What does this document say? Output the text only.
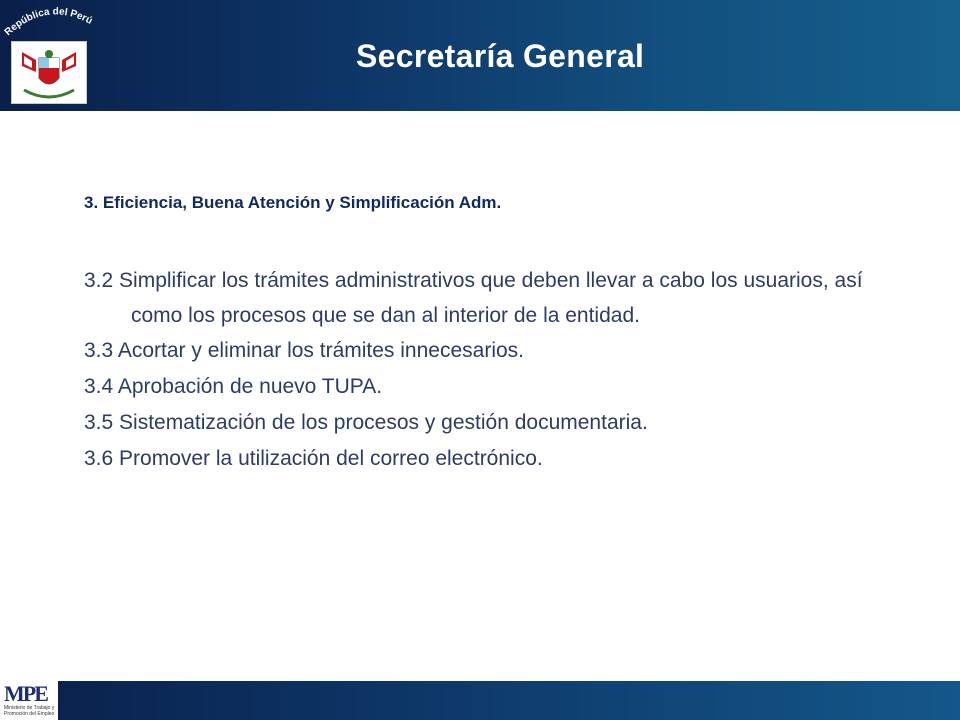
República del Perú
Secretaría General
3. Eficiencia, Buena Atención y Simplificación Adm.
3.2 Simplificar los trámites administrativos que deben llevar a cabo los usuarios, así como los procesos que se dan al interior de la entidad.
3.3 Acortar y eliminar los trámites innecesarios.
3.4 Aprobación de nuevo TUPA.
3.5 Sistematización de los procesos y gestión documentaria.
3.6 Promover la utilización del correo electrónico.
MPE
Ministerio de Trabajo y Promoción del Empleo
